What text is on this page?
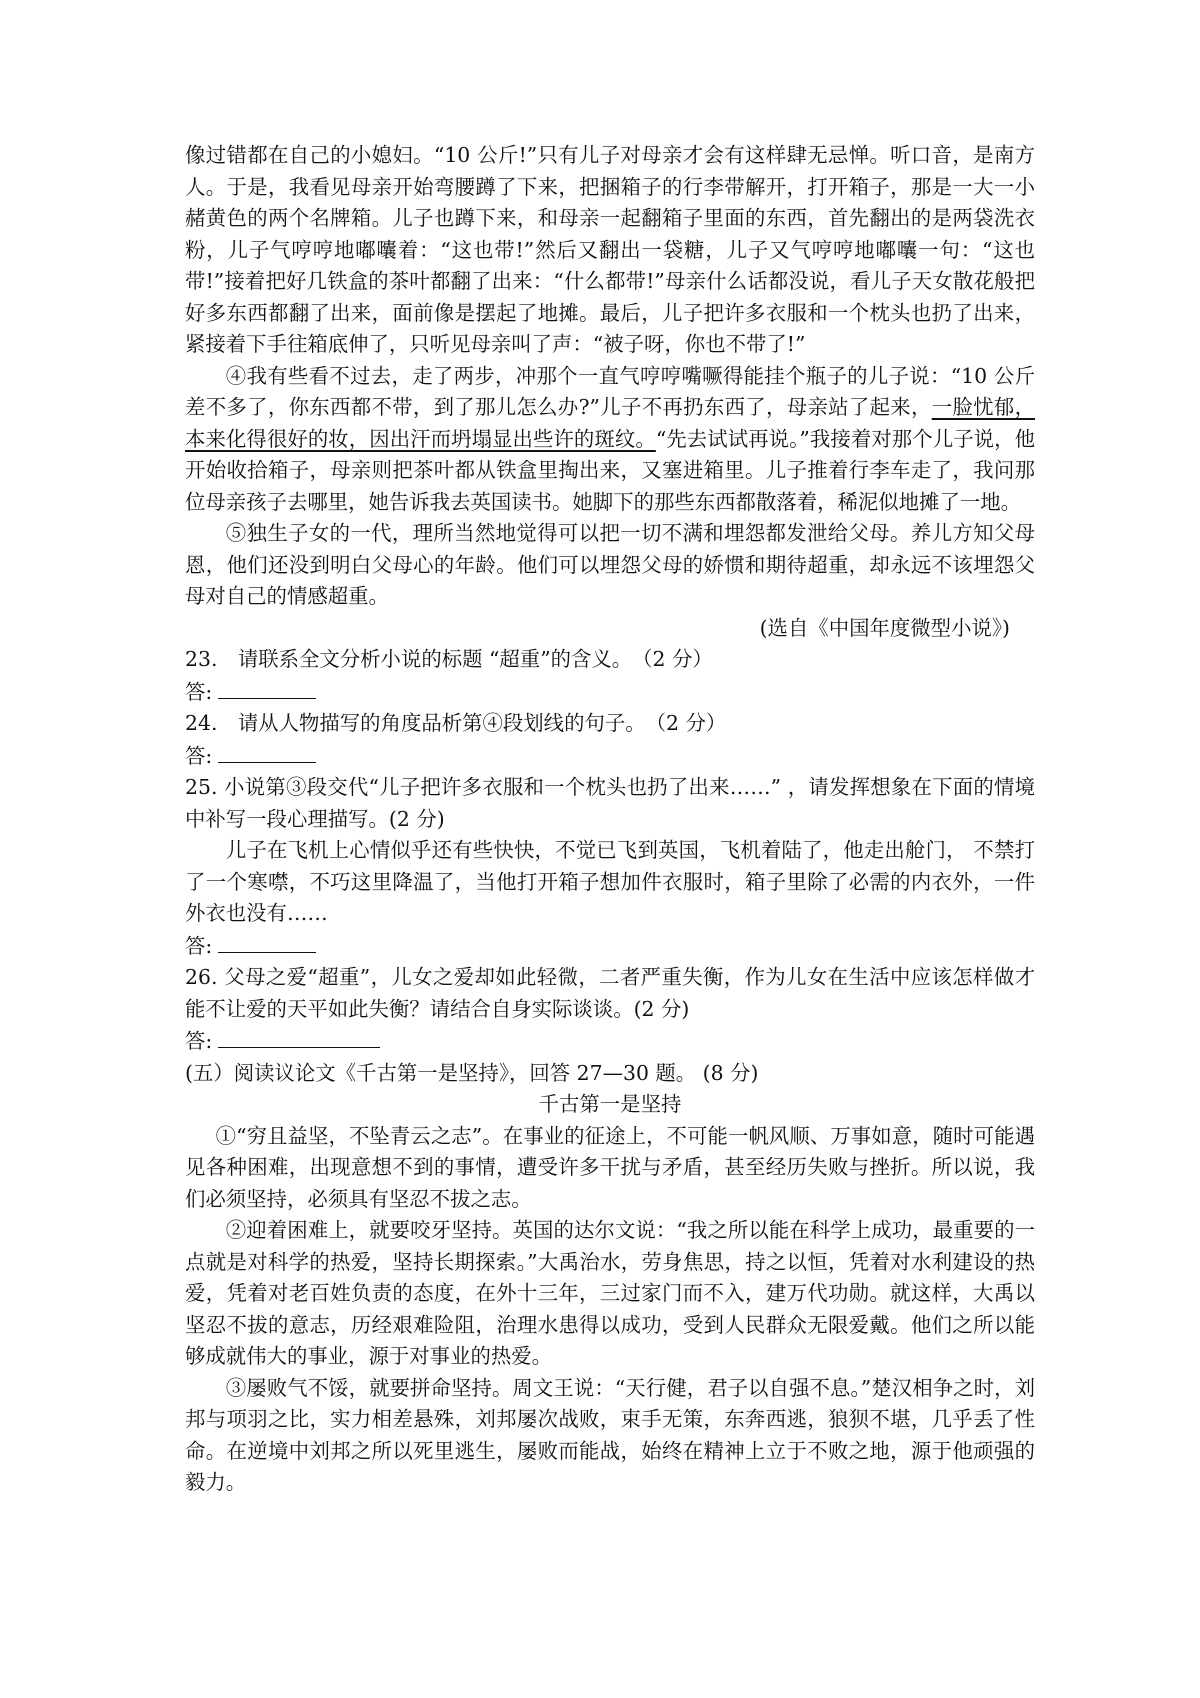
像过错都在自己的小媳妇。“10 公斤!”只有儿子对母亲才会有这样肆无忌惮。听口音，是南方人。于是，我看见母亲开始弯腰蹲了下来，把捆箱子的行李带解开，打开箱子，那是一大一小赭黄色的两个名牌箱。儿子也蹲下来，和母亲一起翻箱子里面的东西，首先翻出的是两袋洗衣粉，儿子气哼哼地嘟囔着：“这也带!”然后又翻出一袋糖，儿子又气哼哼地嘟囔一句：“这也带!”接着把好几铁盒的茶叶都翻了出来：“什么都带!”母亲什么话都没说，看儿子天女散花般把好多东西都翻了出来，面前像是摆起了地摊。最后，儿子把许多衣服和一个枕头也扔了出来，紧接着下手往箱底伸了，只听见母亲叫了声：“被子呀，你也不带了!”

④我有些看不过去，走了两步，冲那个一直气哼哼嘴噘得能挂个瓶子的儿子说：“10 公斤差不多了，你东西都不带，到了那儿怎么办?”儿子不再扔东西了，母亲站了起来，一脸忧郁，本来化得很好的妆，因出汗而坍塌显出些许的斑纹。“先去试试再说。”我接着对那个儿子说，他开始收拾箱子，母亲则把茶叶都从铁盒里掏出来，又塞进箱里。儿子推着行李车走了，我问那位母亲孩子去哪里，她告诉我去英国读书。她脚下的那些东西都散落着，稀泥似地摊了一地。

⑤独生子女的一代，理所当然地觉得可以把一切不满和埋怨都发泄给父母。养儿方知父母恩，他们还没到明白父母心的年龄。他们可以埋怨父母的娇惯和期待超重，却永远不该埋怨父母对自己的情感超重。

(选自《中国年度微型小说》)

23.　请联系全文分析小说的标题 “超重”的含义。　（2 分）

答:

24.　请从人物描写的角度品析第④段划线的句子。　（2 分）

答:

25. 小说第③段交代“儿子把许多衣服和一个枕头也扔了出来……” ，请发挥想象在下面的情境中补写一段心理描写。(2 分)

儿子在飞机上心情似乎还有些快快，不觉已飞到英国，飞机着陆了，他走出舱门， 不禁打了一个寒噤，不巧这里降温了，当他打开箱子想加件衣服时，箱子里除了必需的内衣外，一件外衣也没有……

答:

26. 父母之爱“超重”，儿女之爱却如此轻微，二者严重失衡，作为儿女在生活中应该怎样做才能不让爱的天平如此失衡？请结合自身实际谈谈。(2 分)

答:

(五）阅读议论文《千古第一是坚持》，回答 27—30 题。 (8 分)

千古第一是坚持

①“穷且益坚，不坠青云之志”。在事业的征途上，不可能一帆风顺、万事如意，随时可能遇见各种困难，出现意想不到的事情，遭受许多干扰与矛盾，甚至经历失败与挫折。所以说，我们必须坚持，必须具有坚忍不拔之志。

②迎着困难上，就要咬牙坚持。英国的达尔文说：“我之所以能在科学上成功，最重要的一点就是对科学的热爱，坚持长期探索。”大禹治水，劳身焦思，持之以恒，凭着对水利建设的热爱，凭着对老百姓负责的态度，在外十三年，三过家门而不入，建万代功勋。就这样，大禹以坚忍不拔的意志，历经艰难险阻，治理水患得以成功，受到人民群众无限爱戴。他们之所以能够成就伟大的事业，源于对事业的热爱。

③屡败气不馁，就要拼命坚持。周文王说：“天行健，君子以自强不息。”楚汉相争之时，刘邦与项羽之比，实力相差悬殊，刘邦屡次战败，束手无策，东奔西逃，狼狈不堪，几乎丢了性命。在逆境中刘邦之所以死里逃生，屡败而能战，始终在精神上立于不败之地，源于他顽强的毅力。
